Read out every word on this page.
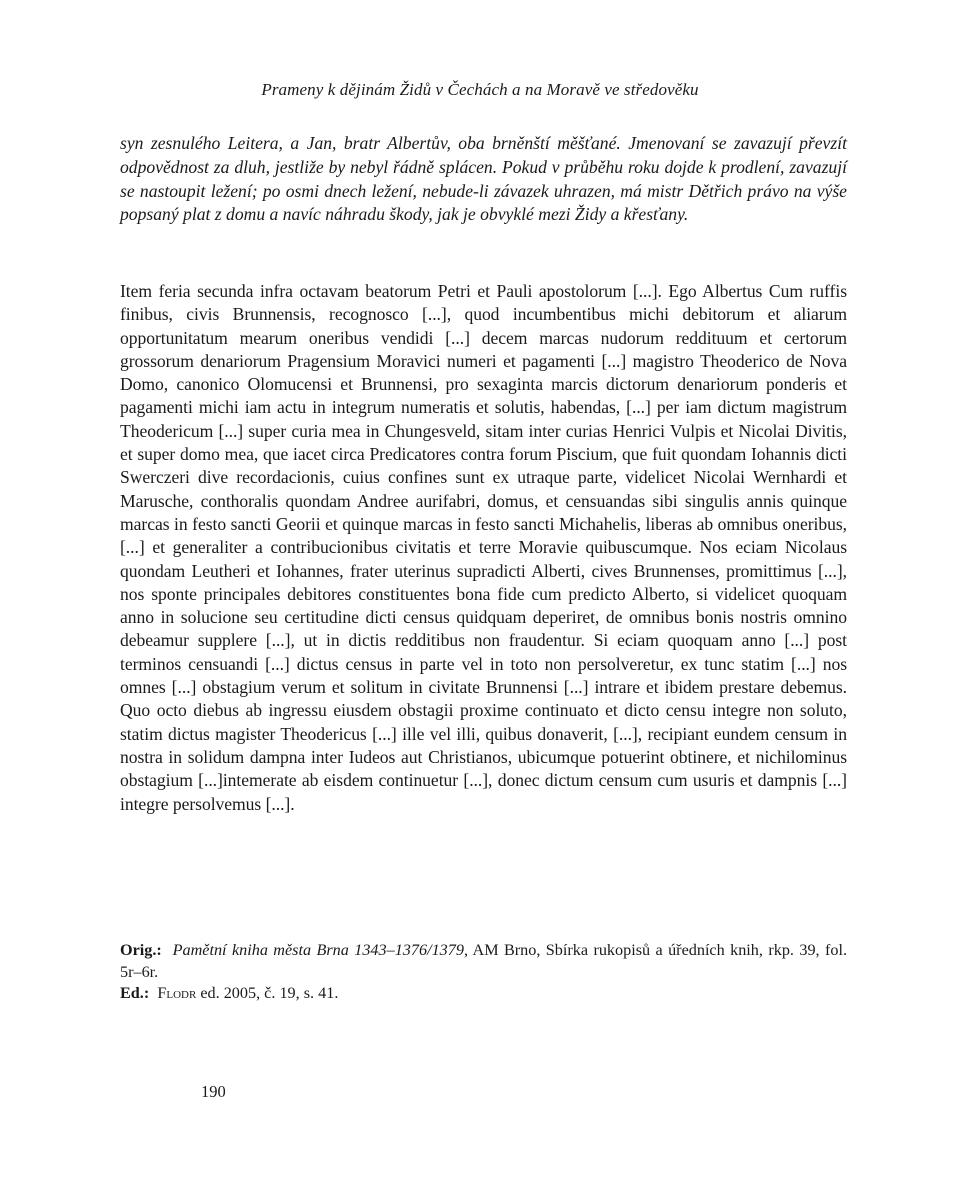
Prameny k dějinám Židů v Čechách a na Moravě ve středověku

syn zesnulého Leitera, a Jan, bratr Albertův, oba brněnští měšťané. Jmenovaní se zavazují převzít odpovědnost za dluh, jestliže by nebyl řádně splácen. Pokud v průběhu roku dojde k prodlení, zavazují se nastoupit ležení; po osmi dnech ležení, nebude-li závazek uhrazen, má mistr Dětřich právo na výše popsaný plat z domu a navíc náhradu škody, jak je obvyklé mezi Židy a křesťany.

Item feria secunda infra octavam beatorum Petri et Pauli apostolorum [...]. Ego Albertus Cum ruffis finibus, civis Brunnensis, recognosco [...], quod incumbentibus michi debitorum et aliarum opportunitatum mearum oneribus vendidi [...] decem marcas nudorum reddituum et certorum grossorum denariorum Pragensium Moravici numeri et pagamenti [...] magistro Theoderico de Nova Domo, canonico Olomucensi et Brunnensi, pro sexaginta marcis dictorum denariorum ponderis et pagamenti michi iam actu in integrum numeratis et solutis, habendas, [...] per iam dictum magistrum Theodericum [...] super curia mea in Chungesveld, sitam inter curias Henrici Vulpis et Nicolai Divitis, et super domo mea, que iacet circa Predicatores contra forum Piscium, que fuit quondam Iohannis dicti Swerczeri dive recordacionis, cuius confines sunt ex utraque parte, videlicet Nicolai Wernhardi et Marusche, conthoralis quondam Andree aurifabri, domus, et censuandas sibi singulis annis quinque marcas in festo sancti Georii et quinque marcas in festo sancti Michahelis, liberas ab omnibus oneribus, [...] et generaliter a contribucionibus civitatis et terre Moravie quibuscumque. Nos eciam Nicolaus quondam Leutheri et Iohannes, frater uterinus supradicti Alberti, cives Brunnenses, promittimus [...], nos sponte principales debitores constituentes bona fide cum predicto Alberto, si videlicet quoquam anno in solucione seu certitudine dicti census quidquam deperiret, de omnibus bonis nostris omnino debeamur supplere [...], ut in dictis redditibus non fraudentur. Si eciam quoquam anno [...] post terminos censuandi [...] dictus census in parte vel in toto non persolveretur, ex tunc statim [...] nos omnes [...] obstagium verum et solitum in civitate Brunnensi [...] intrare et ibidem prestare debemus. Quo octo diebus ab ingressu eiusdem obstagii proxime continuato et dicto censu integre non soluto, statim dictus magister Theodericus [...] ille vel illi, quibus donaverit, [...], recipiant eundem censum in nostra in solidum dampna inter Iudeos aut Christianos, ubicumque potuerint obtinere, et nichilominus obstagium [...]intemerate ab eisdem continuetur [...], donec dictum censum cum usuris et dampnis [...] integre persolvemus [...].

Orig.: Pamětní kniha města Brna 1343–1376/1379, AM Brno, Sbírka rukopisů a úředních knih, rkp. 39, fol. 5r–6r.
Ed.: Flodr ed. 2005, č. 19, s. 41.
190
